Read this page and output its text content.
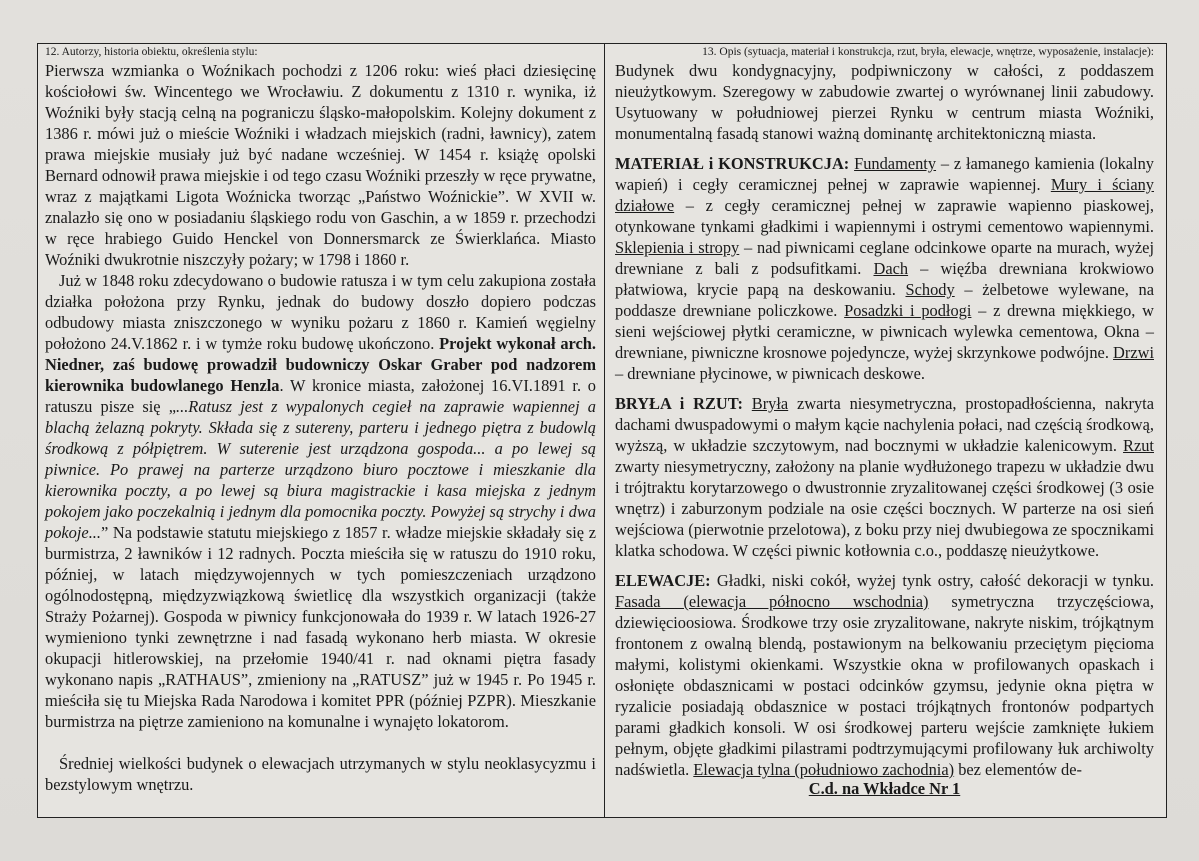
12. Autorzy, historia obiektu, określenia stylu:

Pierwsza wzmianka o Woźnikach pochodzi z 1206 roku: wieś płaci dziesięcinę kościołowi św. Wincentego we Wrocławiu. Z dokumentu z 1310 r. wynika, iż Woźniki były stacją celną na pograniczu śląsko-małopolskim. Kolejny dokument z 1386 r. mówi już o mieście Woźniki i władzach miejskich (radni, ławnicy), zatem prawa miejskie musiały już być nadane wcześniej. W 1454 r. książę opolski Bernard odnowił prawa miejskie i od tego czasu Woźniki przeszły w ręce prywatne, wraz z majątkami Ligota Woźnicka tworząc „Państwo Woźnickie”. W XVII w. znalazło się ono w posiadaniu śląskiego rodu von Gaschin, a w 1859 r. przechodzi w ręce hrabiego Guido Henckel von Donnersmarck ze Świerklańca. Miasto Woźniki dwukrotnie niszczyły pożary; w 1798 i 1860 r.

Już w 1848 roku zdecydowano o budowie ratusza i w tym celu zakupiona została działka położona przy Rynku, jednak do budowy doszło dopiero podczas odbudowy miasta zniszczonego w wyniku pożaru z 1860 r. Kamień węgielny położono 24.V.1862 r. i w tymże roku budowę ukończono. Projekt wykonał arch. Niedner, zaś budowę prowadził budowniczy Oskar Graber pod nadzorem kierownika budowlanego Henzla. W kronice miasta, założonej 16.VI.1891 r. o ratuszu pisze się „...Ratusz jest z wypalonych cegieł na zaprawie wapiennej a blachą żelazną pokryty. Składa się z sutereny, parteru i jednego piętra z budowlą środkową z półpiętrem. W suterenie jest urządzona gospoda... a po lewej są piwnice. Po prawej na parterze urządzono biuro pocztowe i mieszkanie dla kierownika poczty, a po lewej są biura magistrackie i kasa miejska z jednym pokojem jako poczekalnią i jednym dla pomocnika poczty. Powyżej są strychy i dwa pokoje...” Na podstawie statutu miejskiego z 1857 r. władze miejskie składały się z burmistrza, 2 ławników i 12 radnych. Poczta mieściła się w ratuszu do 1910 roku, później, w latach międzywojennych w tych pomieszczeniach urządzono ogólnodostępną, międzyzwiązkową świetlicę dla wszystkich organizacji (także Straży Pożarnej). Gospoda w piwnicy funkcjonowała do 1939 r. W latach 1926-27 wymieniono tynki zewnętrzne i nad fasadą wykonano herb miasta. W okresie okupacji hitlerowskiej, na przełomie 1940/41 r. nad oknami piętra fasady wykonano napis „RATHAUS”, zmieniony na „RATUSZ” już w 1945 r. Po 1945 r. mieściła się tu Miejska Rada Narodowa i komitet PPR (później PZPR). Mieszkanie burmistrza na piętrze zamieniono na komunalne i wynajęto lokatorom.

Średniej wielkości budynek o elewacjach utrzymanych w stylu neoklasycyzmu i bezstylowym wnętrzu.

13. Opis (sytuacja, materiał i konstrukcja, rzut, bryła, elewacje, wnętrze, wyposażenie, instalacje):

Budynek dwu kondygnacyjny, podpiwniczony w całości, z poddaszem nieużytkowym. Szeregowy w zabudowie zwartej o wyrównanej linii zabudowy. Usytuowany w południowej pierzei Rynku w centrum miasta Woźniki, monumentalną fasadą stanowi ważną dominantę architektoniczną miasta.

MATERIAŁ i KONSTRUKCJA: Fundamenty – z łamanego kamienia (lokalny wapień) i cegły ceramicznej pełnej w zaprawie wapiennej. Mury i ściany działowe – z cegły ceramicznej pełnej w zaprawie wapienno piaskowej, otynkowane tynkami gładkimi i wapiennymi i ostrymi cementowo wapiennymi. Sklepienia i stropy – nad piwnicami ceglane odcinkowe oparte na murach, wyżej drewniane z bali z podsufitkami. Dach – więźba drewniana krokwiowo płatwiowa, krycie papą na deskowaniu. Schody – żelbetowe wylewane, na poddasze drewniane policzkowe. Posadzki i podłogi – z drewna miękkiego, w sieni wejściowej płytki ceramiczne, w piwnicach wylewka cementowa, Okna – drewniane, piwniczne krosnowe pojedyncze, wyżej skrzynkowe podwójne. Drzwi – drewniane płycinowe, w piwnicach deskowe.

BRYŁA i RZUT: Bryła zwarta niesymetryczna, prostopadłościenna, nakryta dachami dwuspadowymi o małym kącie nachylenia połaci, nad częścią środkową, wyższą, w układzie szczytowym, nad bocznymi w układzie kalenicowym. Rzut zwarty niesymetryczny, założony na planie wydłużonego trapezu w układzie dwu i trójtraktu korytarzowego o dwustronnie zryzalitowanej części środkowej (3 osie wnętrz) i zaburzonym podziale na osie części bocznych. W parterze na osi sień wejściowa (pierwotnie przelotowa), z boku przy niej dwubiegowa ze spocznikami klatka schodowa. W części piwnic kotłownia c.o., poddaszę nieużytkowe.

ELEWACJE: Gładki, niski cokół, wyżej tynk ostry, całość dekoracji w tynku. Fasada (elewacja północno wschodnia) symetryczna trzyczęściowa, dziewięcioosiowa. Środkowe trzy osie zryzalitowane, nakryte niskim, trójkątnym frontonem z owalną blendą, postawionym na belkowaniu przeciętym pięcioma małymi, kolistymi okienkami. Wszystkie okna w profilowanych opaskach i osłonięte obdasznicami w postaci odcinków gzymsu, jedynie okna piętra w ryzalicie posiadają obdasznice w postaci trójkątnych frontonów podpartych parami gładkich konsoli. W osi środkowej parteru wejście zamknięte łukiem pełnym, objęte gładkimi pilastrami podtrzymującymi profilowany łuk archiwolty nadświetla. Elewacja tylna (południowo zachodnia) bez elementów de-

C.d. na Wkładce Nr 1
